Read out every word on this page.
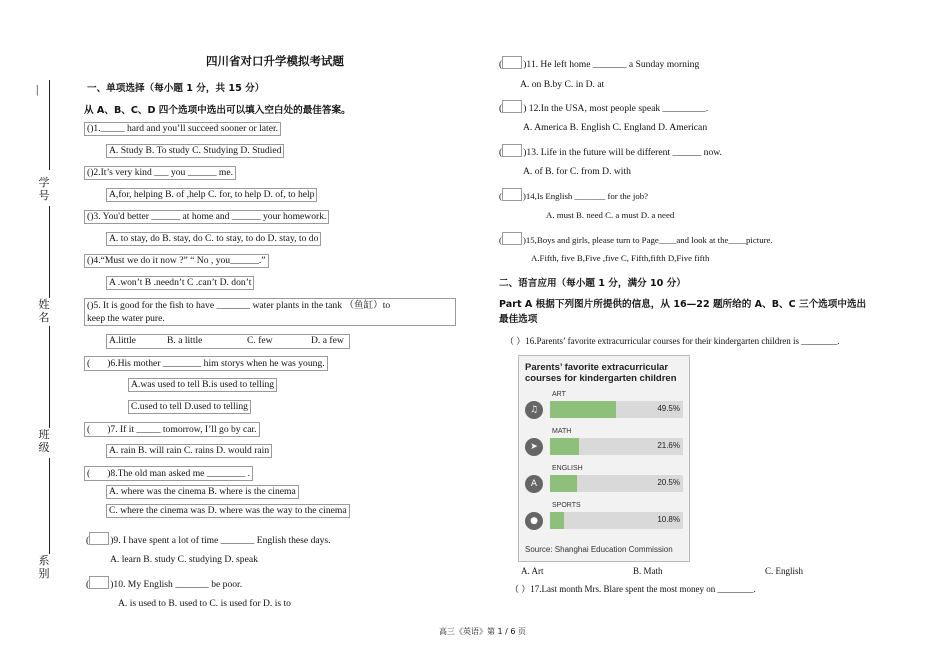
|
学
号
姓
名
班
级
系
别
四川省对口升学模拟考试题
一、单项选择（每小题 1 分，共 15 分）
从 A、B、C、D 四个选项中选出可以填入空白处的最佳答案。
()1._____ hard and you’ll succeed sooner or later.
A. Study B. To study C. Studying D. Studied
()2.It’s very kind ___ you ______ me.
A,for, helping B. of ,help C. for, to help D. of, to help
()3. You'd better ______ at home and ______ your homework.
A. to stay, do B. stay, do C. to stay, to do D. stay, to do
()4.“Must we do it now ?” “ No , you______.”
A .won’t B .needn’t C .can’t D. don’t
()5. It is good for the fish to have _______ water plants in the tank （鱼缸）to
keep the water pure.
A.little	B. a little	C. few	D. a few
( )6.His mother ________ him storys when he was young.
A.was used to tell B.is used to telling
C.used to tell D.used to telling
( )7. If it _____ tomorrow, I’ll go by car.
A. rain B. will rain C. rains D. would rain
( )8.The old man asked me ________ .
A. where was the cinema B. where is the cinema
C. where the cinema was D. where was the way to the cinema
( )9. I have spent a lot of time _______ English these days.
A. learn B. study C. studying D. speak
( )10. My English _______ be poor.
A. is used to B. used to C. is used for D. is to
( )11. He left home _______ a Sunday morning
A. on B.by C. in D. at
( ) 12.In the USA, most people speak _________.
A. America B. English C. England D. American
( )13. Life in the future will be different ______ now.
A. of B. for C. from D. with
( )14,Is English _______ for the job?
A. must B. need C. a must D. a need
( )15,Boys and girls, please turn to Page____and look at the____picture.
A.Fifth, five B,Five ,five C, Fifth,fifth D,Five fifth
二、语言应用（每小题 1 分，满分 10 分）
Part A 根据下列图片所提供的信息，从 16—22 题所给的 A、B、C 三个选项中选出
最佳选项
（ ）16.Parents’ favorite extracurricular courses for their kindergarten children is ________.
Parents’ favorite extracurricular
courses for kindergarten children
ART
♫	49.5%
MATH
➤	21.6%
ENGLISH
A	20.5%
SPORTS
●	10.8%
Source: Shanghai Education Commission
A. Art	B. Math	C. English
（ ）17.Last month Mrs. Blare spent the most money on ________.
高三《英语》第 1 / 6 页
